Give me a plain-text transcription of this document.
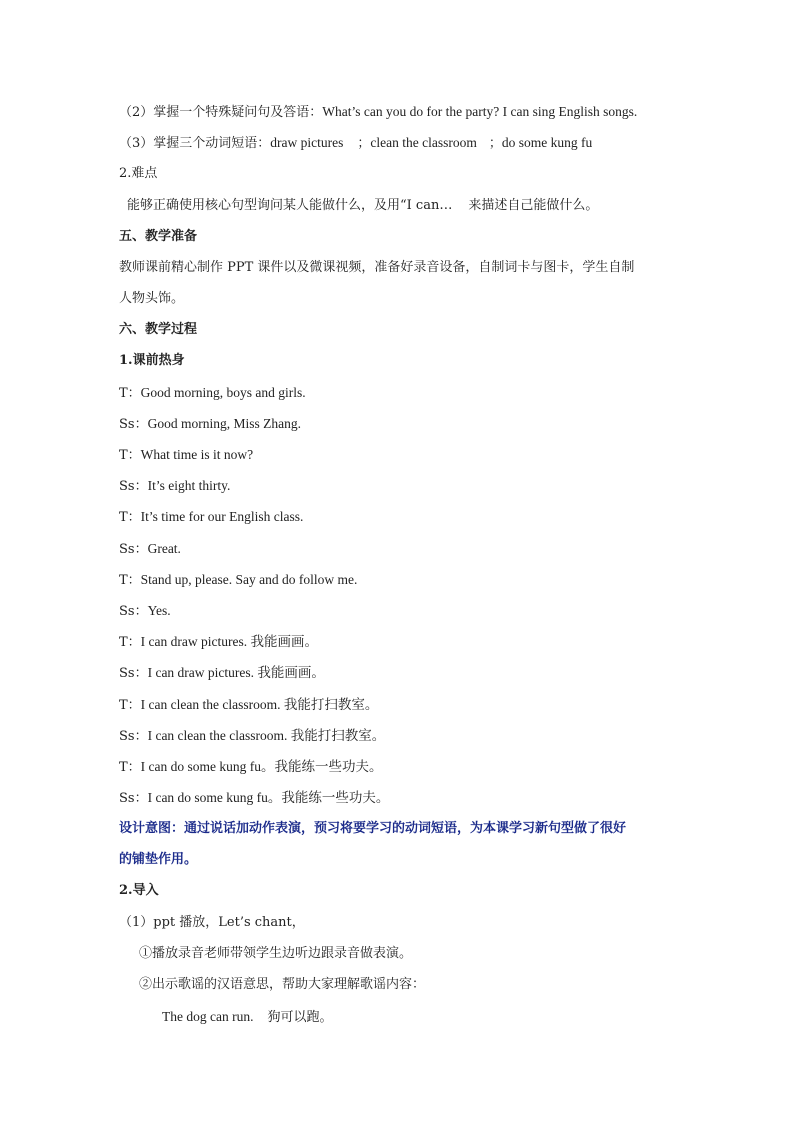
（2）掌握一个特殊疑问句及答语：What’s can you do for the party? I can sing English songs.
（3）掌握三个动词短语：draw pictures ；clean the classroom ；do some kung fu
2.难点
能够正确使用核心句型询问某人能做什么，及用“I can… 来描述自己能做什么。
五、教学准备
教师课前精心制作 PPT 课件以及微课视频，准备好录音设备，自制词卡与图卡，学生自制
人物头饰。
六、教学过程
1.课前热身
T：Good morning, boys and girls.
Ss：Good morning, Miss Zhang.
T：What time is it now?
Ss：It’s eight thirty.
T：It’s time for our English class.
Ss：Great.
T：Stand up, please. Say and do follow me.
Ss：Yes.
T：I can draw pictures. 我能画画。
Ss：I can draw pictures. 我能画画。
T：I can clean the classroom. 我能打扫教室。
Ss：I can clean the classroom. 我能打扫教室。
T：I can do some kung fu。我能练一些功夫。
Ss：I can do some kung fu。我能练一些功夫。
设计意图：通过说话加动作表演，预习将要学习的动词短语，为本课学习新句型做了很好
的铺垫作用。
2.导入
（1）ppt 播放，Let’s chant，
①播放录音老师带领学生边听边跟录音做表演。
②出示歌谣的汉语意思，帮助大家理解歌谣内容：
The dog can run. 狗可以跑。
